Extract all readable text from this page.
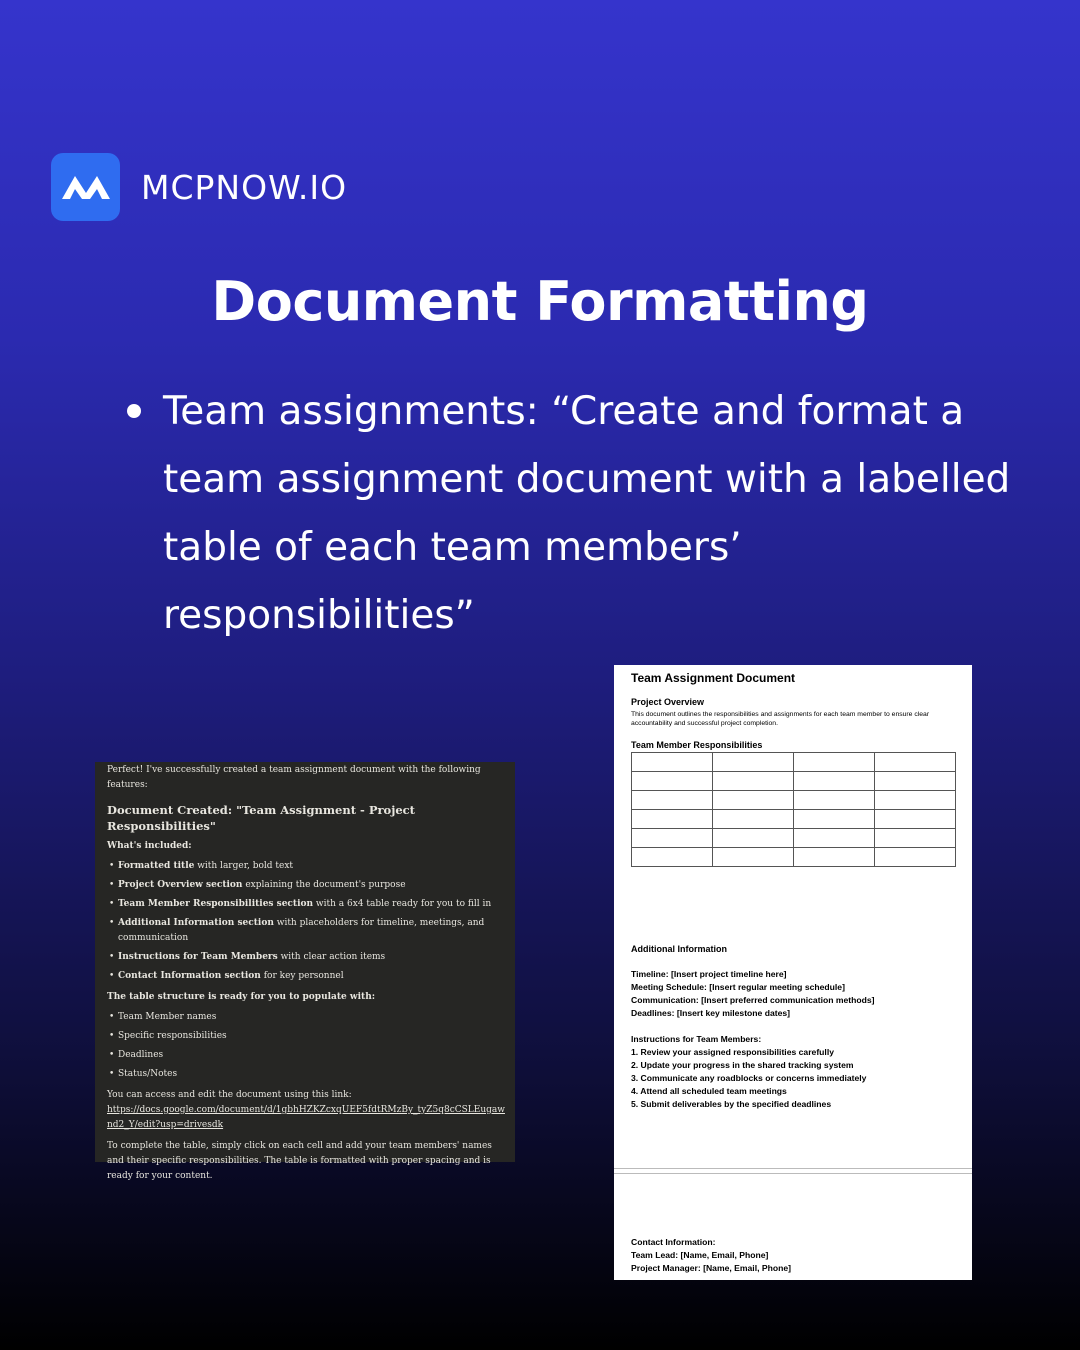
MCPNOW.IO
Document Formatting

Team assignments: “Create and format a team assignment document with a labelled table of each team members’ responsibilities”

Perfect! I've successfully created a team assignment document with the following features:

Document Created: "Team Assignment - Project Responsibilities"

What's included:

• Formatted title with larger, bold text
• Project Overview section explaining the document's purpose
• Team Member Responsibilities section with a 6x4 table ready for you to fill in
• Additional Information section with placeholders for timeline, meetings, and communication
• Instructions for Team Members with clear action items
• Contact Information section for key personnel

The table structure is ready for you to populate with:

• Team Member names
• Specific responsibilities
• Deadlines
• Status/Notes

You can access and edit the document using this link:

https://docs.google.com/document/d/1gbhHZKZcxqUEF5fdtRMzBy_tyZ5q8cCSLEugawnd2_Y/edit?usp=drivesdk

To complete the table, simply click on each cell and add your team members' names and their specific responsibilities. The table is formatted with proper spacing and is ready for your content.

Team Assignment Document
Project Overview
This document outlines the responsibilities and assignments for each team member to ensure clear accountability and successful project completion.
Team Member Responsibilities

Additional Information
Timeline: [Insert project timeline here]
Meeting Schedule: [Insert regular meeting schedule]
Communication: [Insert preferred communication methods]
Deadlines: [Insert key milestone dates]
Instructions for Team Members:
1. Review your assigned responsibilities carefully
2. Update your progress in the shared tracking system
3. Communicate any roadblocks or concerns immediately
4. Attend all scheduled team meetings
5. Submit deliverables by the specified deadlines
Contact Information:
Team Lead: [Name, Email, Phone]
Project Manager: [Name, Email, Phone]
